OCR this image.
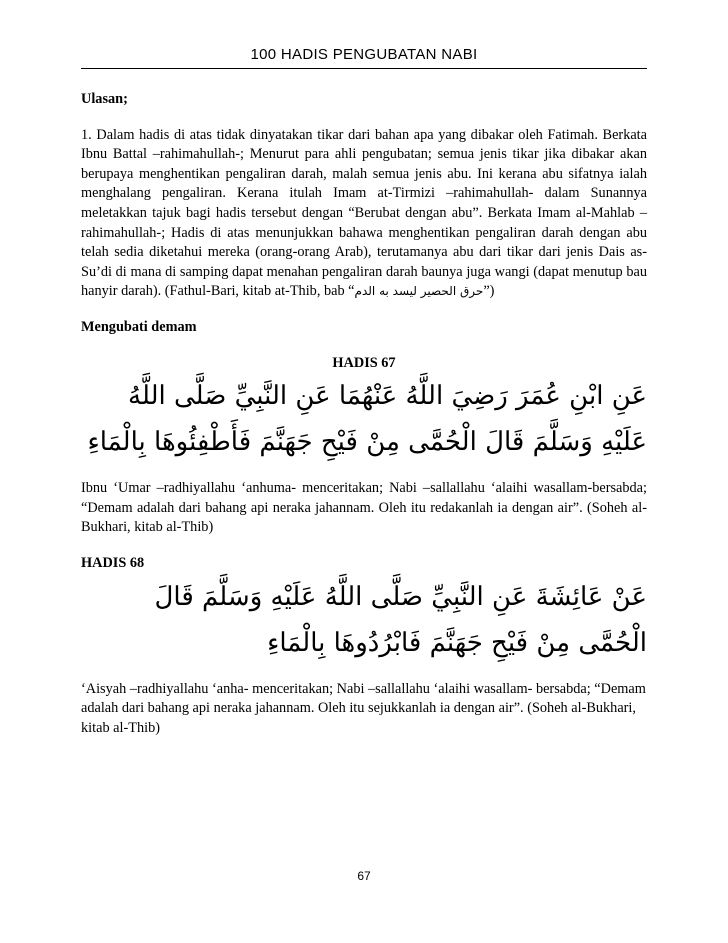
100 HADIS PENGUBATAN NABI

Ulasan;

1. Dalam hadis di atas tidak dinyatakan tikar dari bahan apa yang dibakar oleh Fatimah. Berkata Ibnu Battal –rahimahullah-; Menurut para ahli pengubatan; semua jenis tikar jika dibakar akan berupaya menghentikan pengaliran darah, malah semua jenis abu. Ini kerana abu sifatnya ialah menghalang pengaliran. Kerana itulah Imam at-Tirmizi –rahimahullah- dalam Sunannya meletakkan tajuk bagi hadis tersebut dengan “Berubat dengan abu”. Berkata Imam al-Mahlab –rahimahullah-; Hadis di atas menunjukkan bahawa menghentikan pengaliran darah dengan abu telah sedia diketahui mereka (orang-orang Arab), terutamanya abu dari tikar dari jenis Dais as-Su’di di mana di samping dapat menahan pengaliran darah baunya juga wangi (dapat menutup bau hanyir darah). (Fathul-Bari, kitab at-Thib, bab “حرق الحصير ليسد به الدم”)

Mengubati demam

HADIS 67

عَنِ ابْنِ عُمَرَ رَضِيَ اللَّهُ عَنْهُمَا عَنِ النَّبِيِّ صَلَّى اللَّهُ عَلَيْهِ وَسَلَّمَ قَالَ الْحُمَّى مِنْ فَيْحِ جَهَنَّمَ فَأَطْفِئُوهَا بِالْمَاءِ

Ibnu ‘Umar –radhiyallahu ‘anhuma- menceritakan; Nabi –sallallahu ‘alaihi wasallam-bersabda; “Demam adalah dari bahang api neraka jahannam. Oleh itu redakanlah ia dengan air”. (Soheh al-Bukhari, kitab al-Thib)

HADIS 68

عَنْ عَائِشَةَ عَنِ النَّبِيِّ صَلَّى اللَّهُ عَلَيْهِ وَسَلَّمَ قَالَ الْحُمَّى مِنْ فَيْحِ جَهَنَّمَ فَابْرُدُوهَا بِالْمَاءِ

‘Aisyah –radhiyallahu ‘anha- menceritakan; Nabi –sallallahu ‘alaihi wasallam- bersabda; “Demam adalah dari bahang api neraka jahannam. Oleh itu sejukkanlah ia dengan air”. (Soheh al-Bukhari, kitab al-Thib)

67
